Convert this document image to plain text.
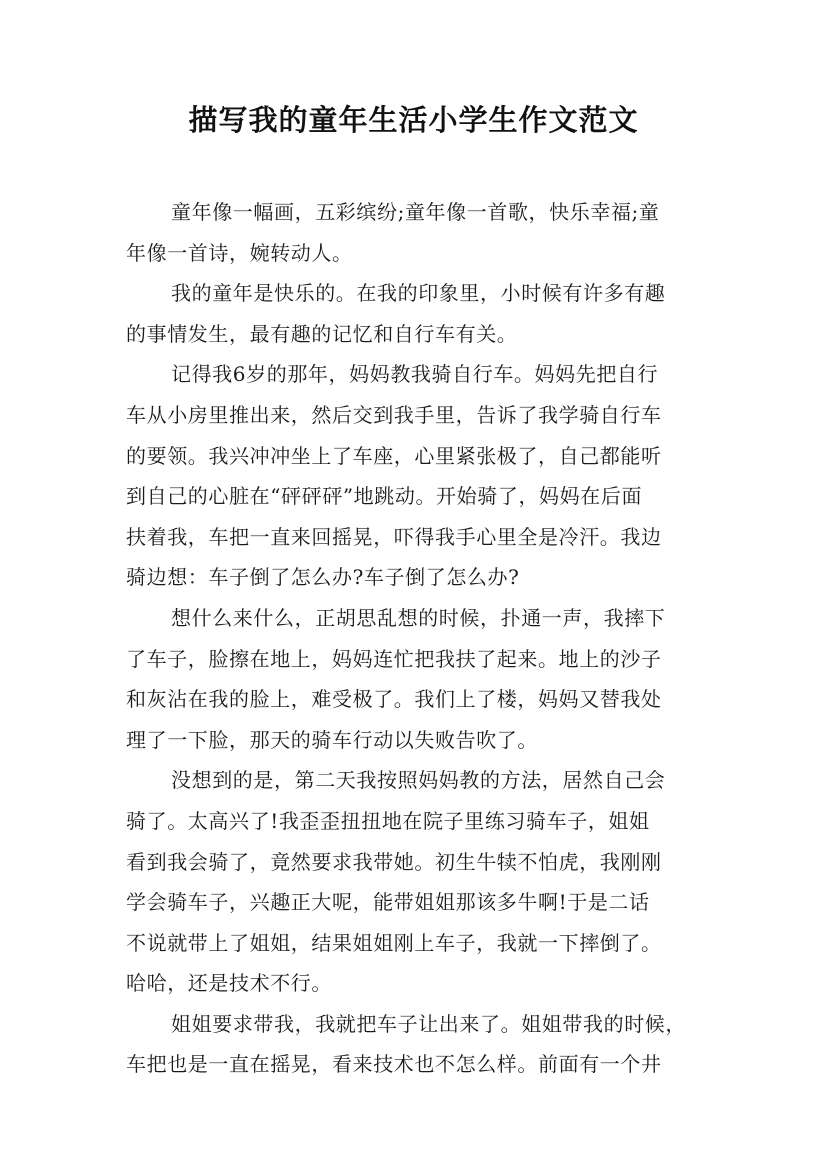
描写我的童年生活小学生作文范文
童年像一幅画，五彩缤纷;童年像一首歌，快乐幸福;童
年像一首诗，婉转动人。
我的童年是快乐的。在我的印象里，小时候有许多有趣
的事情发生，最有趣的记忆和自行车有关。
记得我6岁的那年，妈妈教我骑自行车。妈妈先把自行
车从小房里推出来，然后交到我手里，告诉了我学骑自行车
的要领。我兴冲冲坐上了车座，心里紧张极了，自己都能听
到自己的心脏在“砰砰砰”地跳动。开始骑了，妈妈在后面
扶着我，车把一直来回摇晃，吓得我手心里全是冷汗。我边
骑边想：车子倒了怎么办?车子倒了怎么办?
想什么来什么，正胡思乱想的时候，扑通一声，我摔下
了车子，脸擦在地上，妈妈连忙把我扶了起来。地上的沙子
和灰沾在我的脸上，难受极了。我们上了楼，妈妈又替我处
理了一下脸，那天的骑车行动以失败告吹了。
没想到的是，第二天我按照妈妈教的方法，居然自己会
骑了。太高兴了!我歪歪扭扭地在院子里练习骑车子，姐姐
看到我会骑了，竟然要求我带她。初生牛犊不怕虎，我刚刚
学会骑车子，兴趣正大呢，能带姐姐那该多牛啊!于是二话
不说就带上了姐姐，结果姐姐刚上车子，我就一下摔倒了。
哈哈，还是技术不行。
姐姐要求带我，我就把车子让出来了。姐姐带我的时候，
车把也是一直在摇晃，看来技术也不怎么样。前面有一个井
